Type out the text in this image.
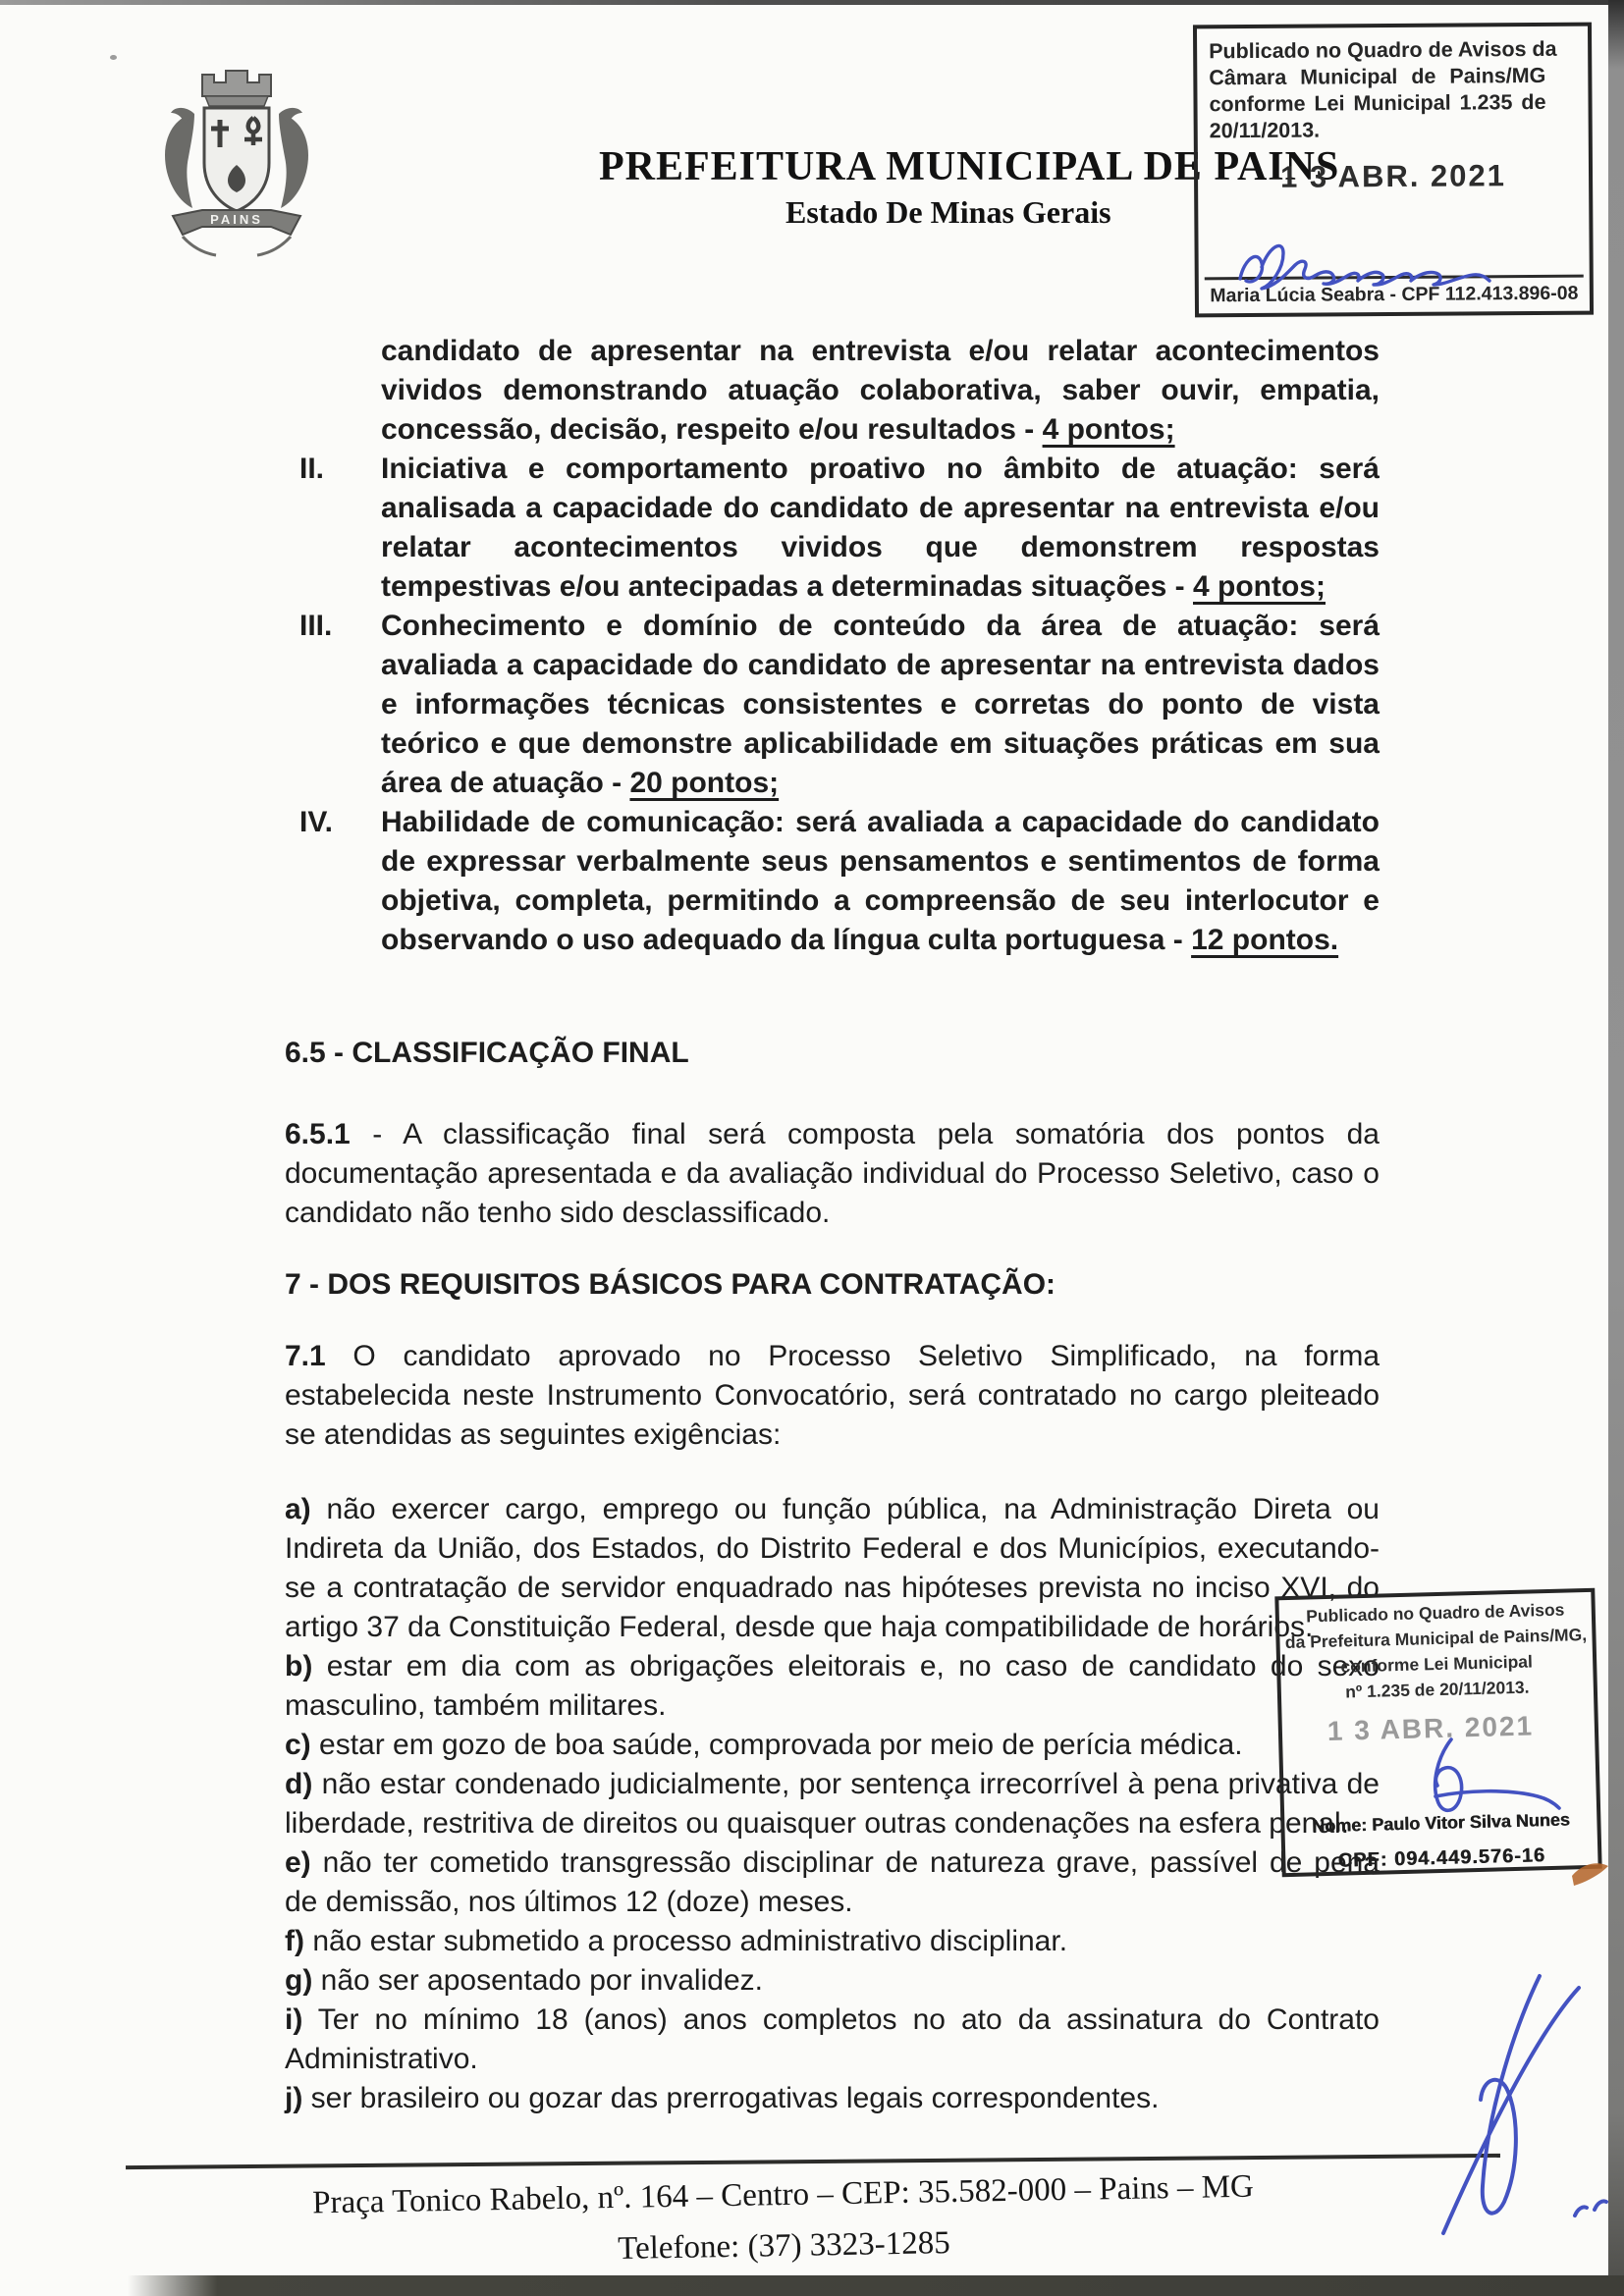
PAINS
PREFEITURA MUNICIPAL DE PAINS
Estado De Minas Gerais
Publicado no Quadro de Avisos da
Câmara Municipal de Pains/MG
conforme Lei Municipal 1.235 de
20/11/2013.
1 3 ABR. 2021
Maria Lúcia Seabra - CPF 112.413.896-08
candidato de apresentar na entrevista e/ou relatar acontecimentos vividos demonstrando atuação colaborativa, saber ouvir, empatia, concessão, decisão, respeito e/ou resultados - 4 pontos;
II. Iniciativa e comportamento proativo no âmbito de atuação: será analisada a capacidade do candidato de apresentar na entrevista e/ou relatar acontecimentos vividos que demonstrem respostas tempestivas e/ou antecipadas a determinadas situações - 4 pontos;
III. Conhecimento e domínio de conteúdo da área de atuação: será avaliada a capacidade do candidato de apresentar na entrevista dados e informações técnicas consistentes e corretas do ponto de vista teórico e que demonstre aplicabilidade em situações práticas em sua área de atuação - 20 pontos;
IV. Habilidade de comunicação: será avaliada a capacidade do candidato de expressar verbalmente seus pensamentos e sentimentos de forma objetiva, completa, permitindo a compreensão de seu interlocutor e observando o uso adequado da língua culta portuguesa - 12 pontos.
6.5 - CLASSIFICAÇÃO FINAL
6.5.1 - A classificação final será composta pela somatória dos pontos da documentação apresentada e da avaliação individual do Processo Seletivo, caso o candidato não tenho sido desclassificado.
7 - DOS REQUISITOS BÁSICOS PARA CONTRATAÇÃO:
7.1 O candidato aprovado no Processo Seletivo Simplificado, na forma estabelecida neste Instrumento Convocatório, será contratado no cargo pleiteado se atendidas as seguintes exigências:

a) não exercer cargo, emprego ou função pública, na Administração Direta ou Indireta da União, dos Estados, do Distrito Federal e dos Municípios, executando-se a contratação de servidor enquadrado nas hipóteses prevista no inciso XVI, do artigo 37 da Constituição Federal, desde que haja compatibilidade de horários.

b) estar em dia com as obrigações eleitorais e, no caso de candidato do sexo masculino, também militares.

c) estar em gozo de boa saúde, comprovada por meio de perícia médica.

d) não estar condenado judicialmente, por sentença irrecorrível à pena privativa de liberdade, restritiva de direitos ou quaisquer outras condenações na esfera penal.

e) não ter cometido transgressão disciplinar de natureza grave, passível de pena de demissão, nos últimos 12 (doze) meses.

f) não estar submetido a processo administrativo disciplinar.

g) não ser aposentado por invalidez.

i) Ter no mínimo 18 (anos) anos completos no ato da assinatura do Contrato Administrativo.

j) ser brasileiro ou gozar das prerrogativas legais correspondentes.

Publicado no Quadro de Avisos
da Prefeitura Municipal de Pains/MG,
conforme Lei Municipal
nº 1.235 de 20/11/2013.
1 3 ABR. 2021
Nome: Paulo Vitor Silva Nunes
CPF: 094.449.576-16
Praça Tonico Rabelo, nº. 164 – Centro – CEP: 35.582-000 – Pains – MG
Telefone: (37) 3323-1285
